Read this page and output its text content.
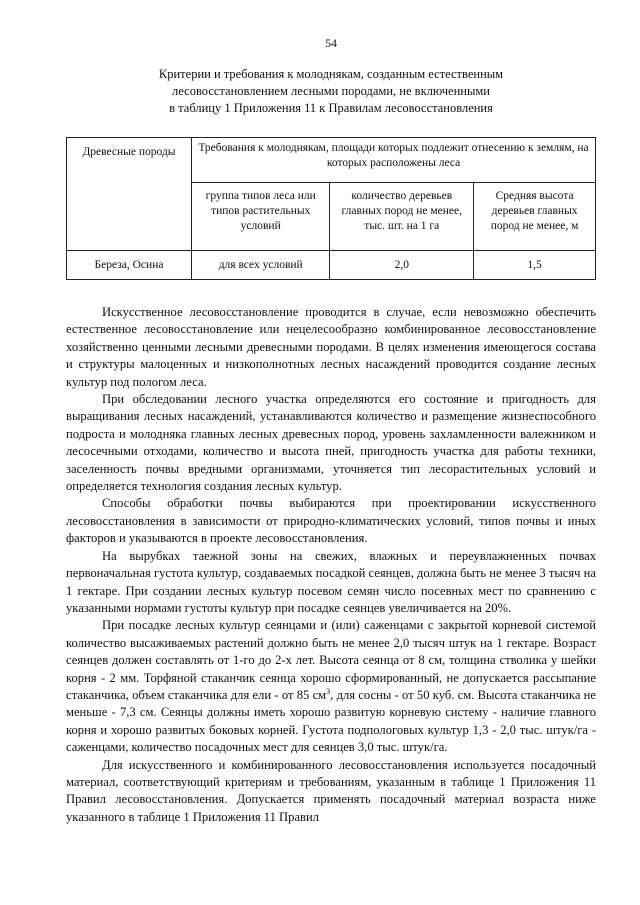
54
Критерии и требования к молоднякам, созданным естественным
лесовосстановлением лесными породами, не включенными
в таблицу 1 Приложения 11 к Правилам лесовосстановления
Древесные породы	Требования к молоднякам, площади которых подлежит отнесению к землям, на которых расположены леса		
	группа типов леса или типов растительных условий	количество деревьев главных пород не менее, тыс. шт. на 1 га	Средняя высота деревьев главных пород не менее, м
Береза, Осина	для всех условий	2,0	1,5

Искусственное лесовосстановление проводится в случае, если невозможно обеспечить естественное лесовосстановление или нецелесообразно комбинированное лесовосстановление хозяйственно ценными лесными древесными породами. В целях изменения имеющегося состава и структуры малоценных и низкополнотных лесных насаждений проводится создание лесных культур под пологом леса.

При обследовании лесного участка определяются его состояние и пригодность для выращивания лесных насаждений, устанавливаются количество и размещение жизнеспособного подроста и молодняка главных лесных древесных пород, уровень захламленности валежником и лесосечными отходами, количество и высота пней, пригодность участка для работы техники, заселенность почвы вредными организмами, уточняется тип лесорастительных условий и определяется технология создания лесных культур.

Способы обработки почвы выбираются при проектировании искусственного лесовосстановления в зависимости от природно-климатических условий, типов почвы и иных факторов и указываются в проекте лесовосстановления.

На вырубках таежной зоны на свежих, влажных и переувлажненных почвах первоначальная густота культур, создаваемых посадкой сеянцев, должна быть не менее 3 тысяч на 1 гектаре. При создании лесных культур посевом семян число посевных мест по сравнению с указанными нормами густоты культур при посадке сеянцев увеличивается на 20%.

При посадке лесных культур сеянцами и (или) саженцами с закрытой корневой системой количество высаживаемых растений должно быть не менее 2,0 тысяч штук на 1 гектаре. Возраст сеянцев должен составлять от 1-го до 2-х лет. Высота сеянца от 8 см, толщина стволика у шейки корня - 2 мм. Торфяной стаканчик сеянца хорошо сформированный, не допускается рассыпание стаканчика, объем стаканчика для ели - от 85 $см^3$, для сосны - от 50 куб. см. Высота стаканчика не меньше - 7,3 см. Сеянцы должны иметь хорошо развитую корневую систему - наличие главного корня и хорошо развитых боковых корней. Густота подпологовых культур 1,3 - 2,0 тыс. штук/га - саженцами, количество посадочных мест для сеянцев 3,0 тыс. штук/га.

Для искусственного и комбинированного лесовосстановления используется посадочный материал, соответствующий критериям и требованиям, указанным в таблице 1 Приложения 11 Правил лесовосстановления. Допускается применять посадочный материал возраста ниже указанного в таблице 1 Приложения 11 Правил
